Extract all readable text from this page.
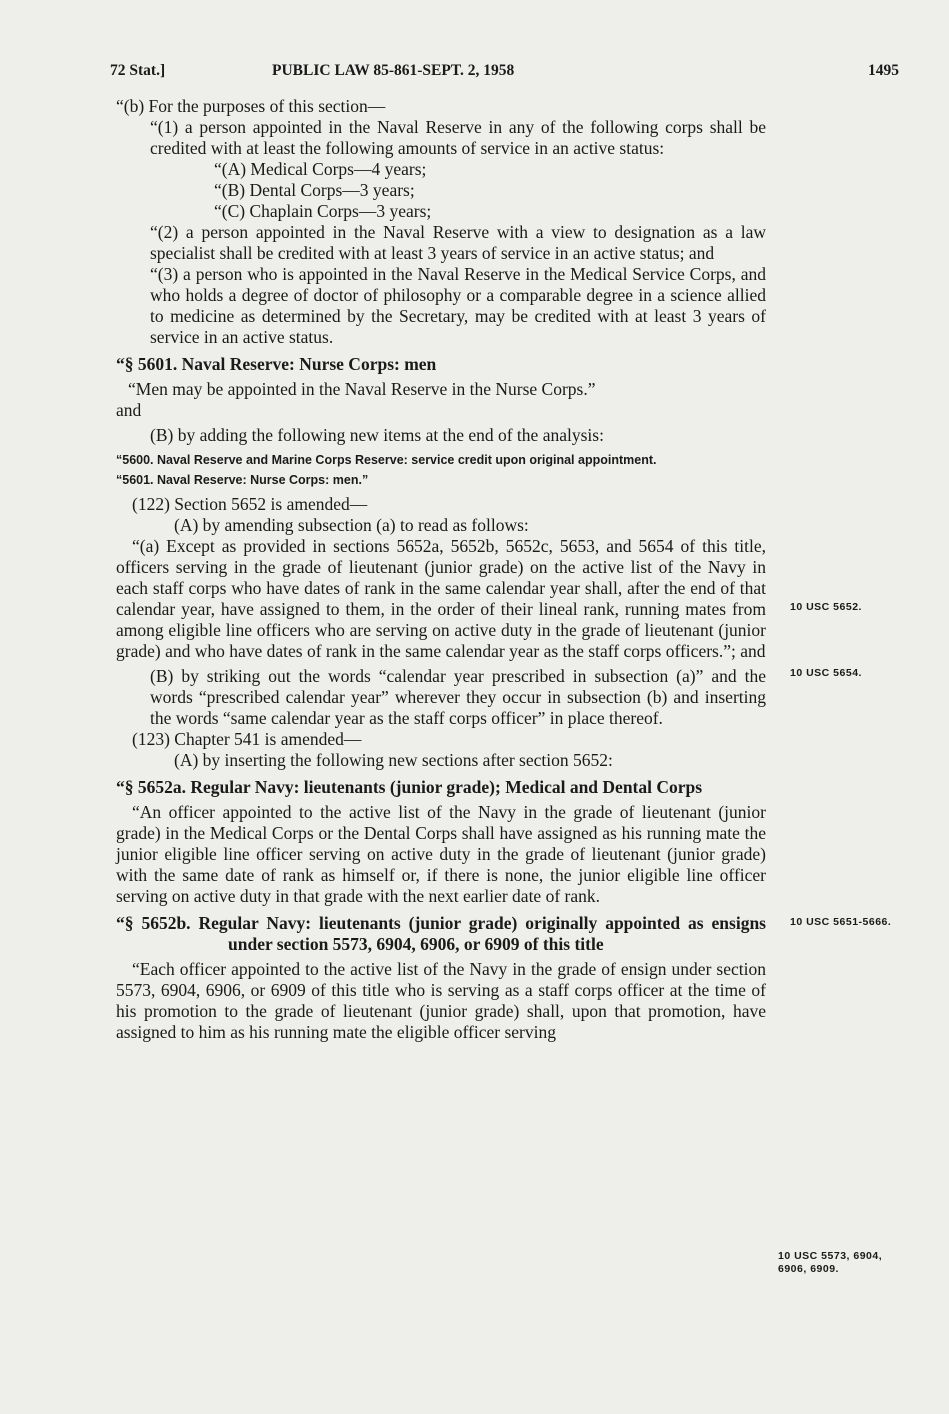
72 Stat.]	PUBLIC LAW 85-861-SEPT. 2, 1958	1495

“(b) For the purposes of this section—

“(1) a person appointed in the Naval Reserve in any of the following corps shall be credited with at least the following amounts of service in an active status:

“(A) Medical Corps—4 years;

“(B) Dental Corps—3 years;

“(C) Chaplain Corps—3 years;

“(2) a person appointed in the Naval Reserve with a view to designation as a law specialist shall be credited with at least 3 years of service in an active status; and

“(3) a person who is appointed in the Naval Reserve in the Medical Service Corps, and who holds a degree of doctor of philosophy or a comparable degree in a science allied to medicine as determined by the Secretary, may be credited with at least 3 years of service in an active status.

“§ 5601. Naval Reserve: Nurse Corps: men

“Men may be appointed in the Naval Reserve in the Nurse Corps.”

and

(B) by adding the following new items at the end of the analysis:

“5600. Naval Reserve and Marine Corps Reserve: service credit upon original appointment.

“5601. Naval Reserve: Nurse Corps: men.”

(122) Section 5652 is amended—

(A) by amending subsection (a) to read as follows:

“(a) Except as provided in sections 5652a, 5652b, 5652c, 5653, and 5654 of this title, officers serving in the grade of lieutenant (junior grade) on the active list of the Navy in each staff corps who have dates of rank in the same calendar year shall, after the end of that calendar year, have assigned to them, in the order of their lineal rank, running mates from among eligible line officers who are serving on active duty in the grade of lieutenant (junior grade) and who have dates of rank in the same calendar year as the staff corps officers.”; and

(B) by striking out the words “calendar year prescribed in subsection (a)” and the words “prescribed calendar year” wherever they occur in subsection (b) and inserting the words “same calendar year as the staff corps officer” in place thereof.

(123) Chapter 541 is amended—

(A) by inserting the following new sections after section 5652:

“§ 5652a. Regular Navy: lieutenants (junior grade); Medical and Dental Corps

“An officer appointed to the active list of the Navy in the grade of lieutenant (junior grade) in the Medical Corps or the Dental Corps shall have assigned as his running mate the junior eligible line officer serving on active duty in the grade of lieutenant (junior grade) with the same date of rank as himself or, if there is none, the junior eligible line officer serving on active duty in that grade with the next earlier date of rank.

“§ 5652b. Regular Navy: lieutenants (junior grade) originally appointed as ensigns under section 5573, 6904, 6906, or 6909 of this title

“Each officer appointed to the active list of the Navy in the grade of ensign under section 5573, 6904, 6906, or 6909 of this title who is serving as a staff corps officer at the time of his promotion to the grade of lieutenant (junior grade) shall, upon that promotion, have assigned to him as his running mate the eligible officer serving

10 USC 5652.
10 USC 5654.
10 USC 5651-5666.
10 USC 5573, 6904, 6906, 6909.
